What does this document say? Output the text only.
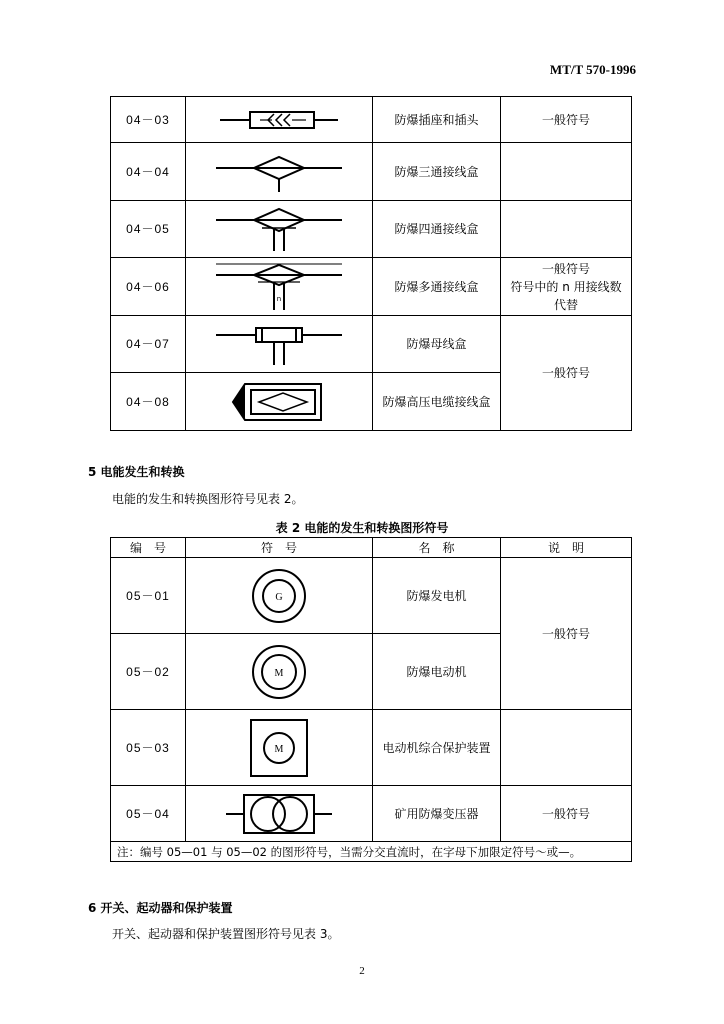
MT/T 570-1996
04－03		防爆插座和插头	一般符号
04－04		防爆三通接线盒	
04－05		防爆四通接线盒	
04－06	n	防爆多通接线盒	一般符号
符号中的 n 用接线数
代替

04－07		防爆母线盒	一般符号
04－08		防爆高压电缆接线盒	
5 电能发生和转换
电能的发生和转换图形符号见表 2。
表 2 电能的发生和转换图形符号
编　号	符　号	名　称	说　明
05－01	G	防爆发电机	一般符号
05－02	M	防爆电动机	
05－03	M	电动机综合保护装置	
05－04		矿用防爆变压器	一般符号
注：编号 05—01 与 05—02 的图形符号，当需分交直流时，在字母下加限定符号～或—。			
6 开关、起动器和保护装置
开关、起动器和保护装置图形符号见表 3。
2
